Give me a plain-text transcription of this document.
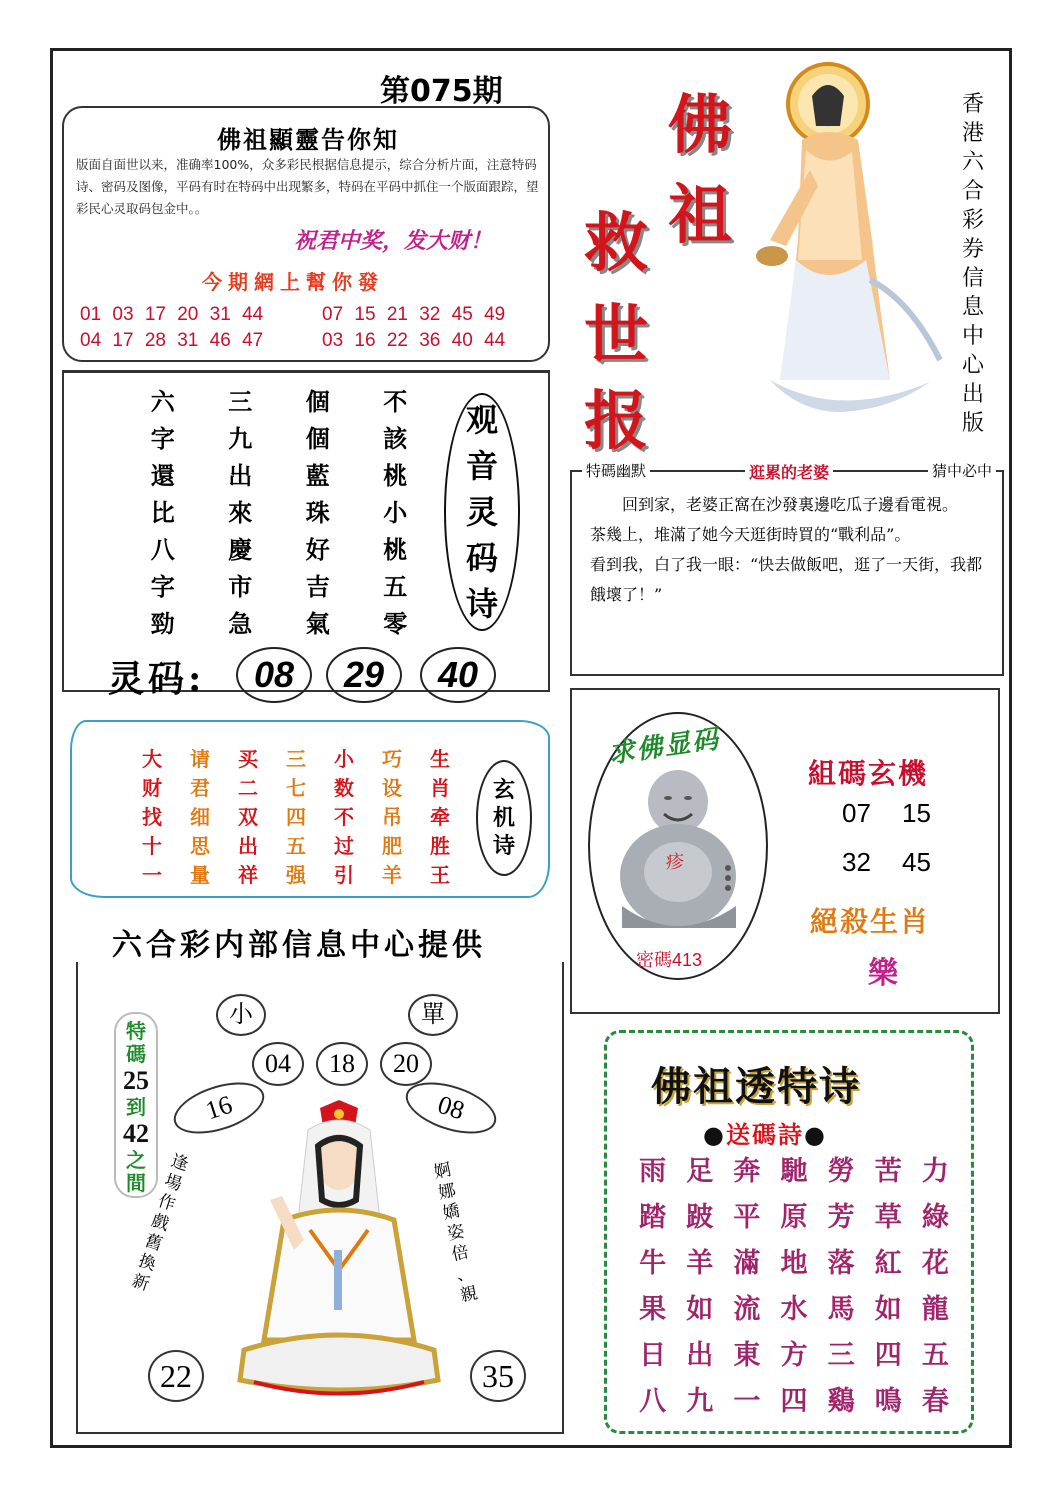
第075期
佛祖顯靈告你知
版面自面世以来，准确率100%，众多彩民根据信息提示，综合分析片面，注意特码诗、密码及图像，平码有时在特码中出现繁多，特码在平码中抓住一个版面跟踪，望彩民心灵取码包金中。。
祝君中奖，发大财！
今期網上幫你發
01 03 17 20 31 44	07 15 21 32 45 49
04 17 28 31 46 47	03 16 22 36 40 44
佛
祖
救
世
报
香
港
六
合
彩
券
信
息
中
心
出
版
六	三	個	不
字	九	個	該
還	出	藍	桃
比	來	珠	小
八	慶	好	桃
字	市	吉	五
勁	急	氣	零
观
音
灵
码
诗
灵码:	08	29	40
特碼幽默	逛累的老婆	猜中必中

回到家，老婆正窩在沙發裏邊吃瓜子邊看電視。

茶幾上，堆滿了她今天逛街時買的“戰利品”。

看到我，白了我一眼：“快去做飯吧，逛了一天街，我都餓壞了！”

求佛显码
疹
密碼413
組碼玄機
07	15
32	45
絕殺生肖
樂
大	请	买	三	小	巧	生
财	君	二	七	数	设	肖
找	细	双	四	不	吊	牵
十	思	出	五	过	肥	胜
一	量	祥	强	引	羊	王
玄
机
诗
六合彩内部信息中心提供
特
碼
25
到
42
之
間
小	單
04	18	20
16	08
22	35
逢
場
作
戲
舊
換
新
婀
娜
嬌
姿
倍
、
親
佛祖透特诗
●送碼詩●
雨 足 奔 馳 勞 苦 力
踏 跛 平 原 芳 草 綠
牛 羊 滿 地 落 紅 花
果 如 流 水 馬 如 龍
日 出 東 方 三 四 五
八 九 一 四 鷄 鳴 春
